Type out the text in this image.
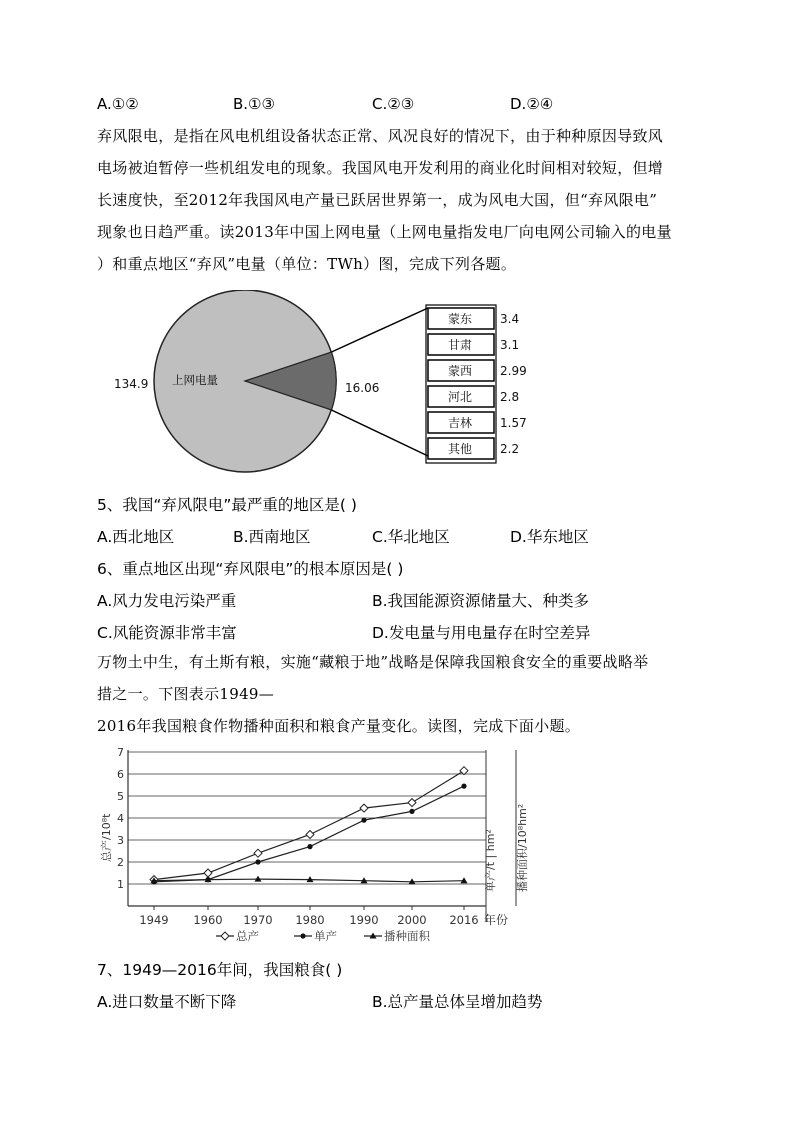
A.①②	B.①③	C.②③	D.②④
弃风限电，是指在风电机组设备状态正常、风况良好的情况下，由于种种原因导致风
电场被迫暂停一些机组发电的现象。我国风电开发利用的商业化时间相对较短，但增
长速度快，至2012年我国风电产量已跃居世界第一，成为风电大国，但“弃风限电”
现象也日趋严重。读2013年中国上网电量（上网电量指发电厂向电网公司输入的电量
）和重点地区“弃风”电量（单位：TWh）图，完成下列各题。
上网电量
134.9	16.06
蒙东 3.4
甘肃 3.1
蒙西 2.99
河北 2.8
吉林 1.57
其他 2.2
5、我国“弃风限电”最严重的地区是( )
A.西北地区	B.西南地区	C.华北地区	D.华东地区
6、重点地区出现“弃风限电”的根本原因是( )
A.风力发电污染严重	B.我国能源资源储量大、种类多
C.风能资源非常丰富	D.发电量与用电量存在时空差异
万物土中生，有土斯有粮，实施“藏粮于地”战略是保障我国粮食安全的重要战略举
措之一。下图表示1949—
2016年我国粮食作物播种面积和粮食产量变化。读图，完成下面小题。
总产/10⁸t	单产/t | hm² 播种面积/10⁸hm²
年份
1
2
3
4
5
6
7
1949 1960 1970 1980 1990 2000 2016
总产	单产	播种面积
7、1949—2016年间，我国粮食( )
A.进口数量不断下降	B.总产量总体呈增加趋势
